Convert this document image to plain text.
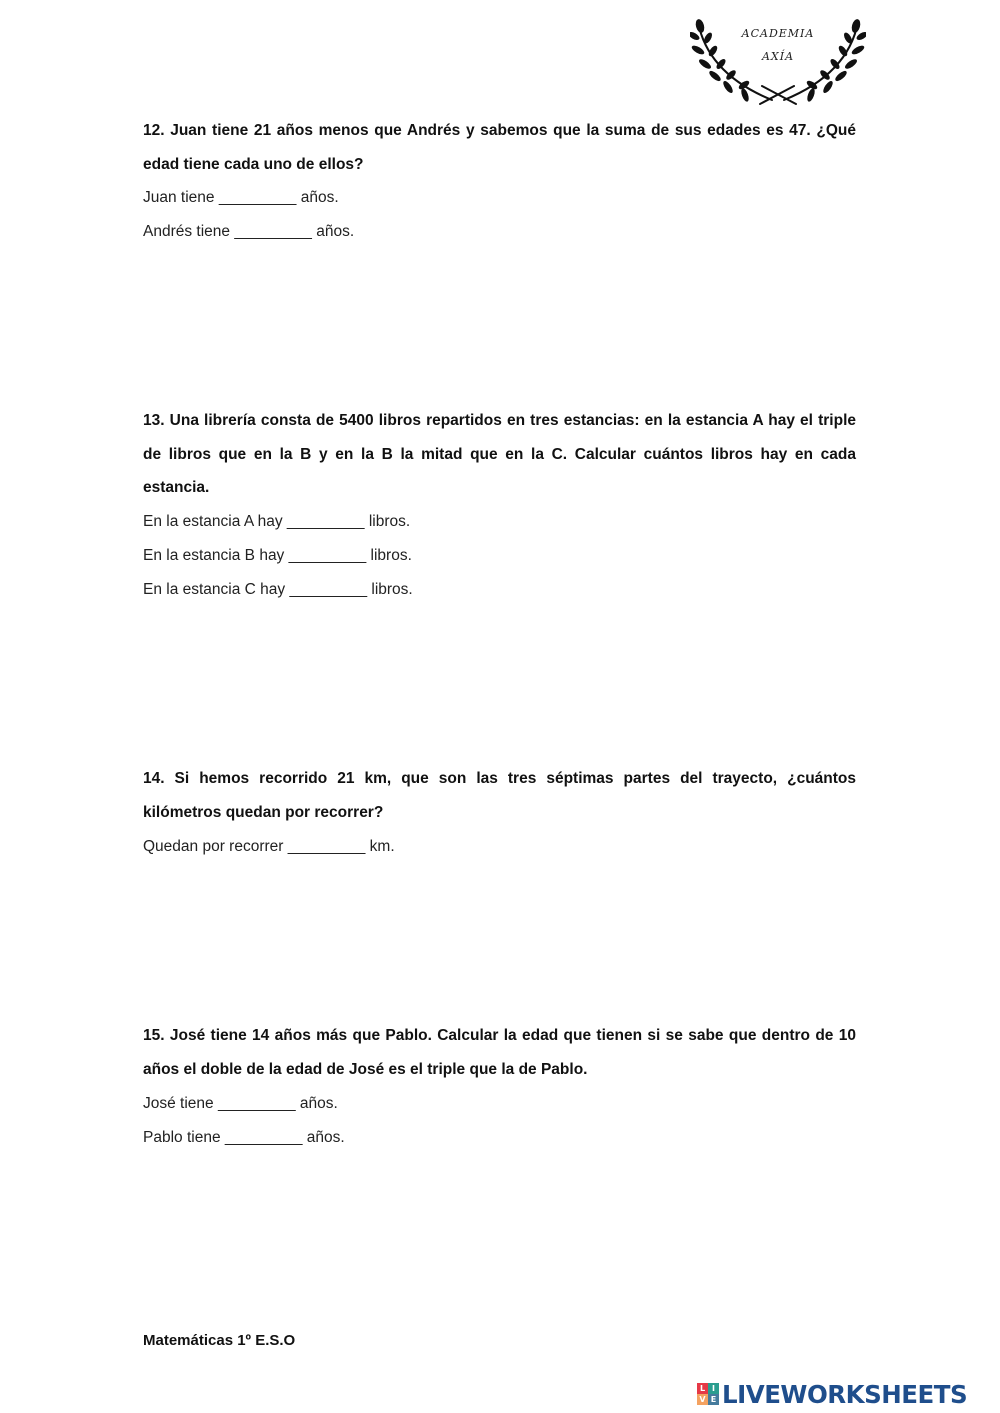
ACADEMIA
AXÍA
12. Juan tiene 21 años menos que Andrés y sabemos que la suma de sus edades es 47. ¿Qué edad tiene cada uno de ellos?
Juan tiene _________ años.
Andrés tiene _________ años.
13. Una librería consta de 5400 libros repartidos en tres estancias: en la estancia A hay el triple de libros que en la B y en la B la mitad que en la C. Calcular cuántos libros hay en cada estancia.
En la estancia A hay _________ libros.
En la estancia B hay _________ libros.
En la estancia C hay _________ libros.
14. Si hemos recorrido 21 km, que son las tres séptimas partes del trayecto, ¿cuántos kilómetros quedan por recorrer?
Quedan por recorrer _________ km.
15. José tiene 14 años más que Pablo. Calcular la edad que tienen si se sabe que dentro de 10 años el doble de la edad de José es el triple que la de Pablo.
José tiene _________ años.
Pablo tiene _________ años.
Matemáticas 1º E.S.O
L I
V E LIVEWORKSHEETS
